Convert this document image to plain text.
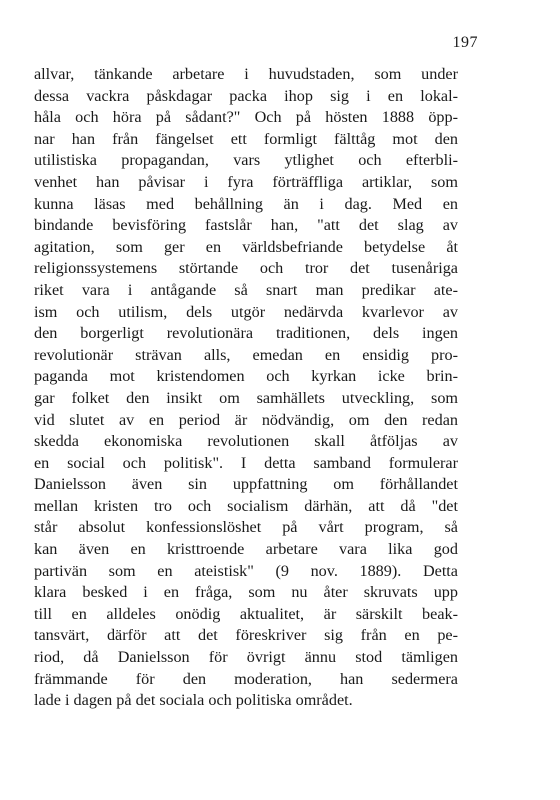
197
allvar, tänkande arbetare i huvudstaden, som under
dessa vackra påskdagar packa ihop sig i en lokal-
håla och höra på sådant?" Och på hösten 1888 öpp-
nar han från fängelset ett formligt fälttåg mot den
utilistiska propagandan, vars ytlighet och efterbli-
venhet han påvisar i fyra förträffliga artiklar, som
kunna läsas med behållning än i dag. Med en
bindande bevisföring fastslår han, "att det slag av
agitation, som ger en världsbefriande betydelse åt
religionssystemens störtande och tror det tusenåriga
riket vara i antågande så snart man predikar ate-
ism och utilism, dels utgör nedärvda kvarlevor av
den borgerligt revolutionära traditionen, dels ingen
revolutionär strävan alls, emedan en ensidig pro-
paganda mot kristendomen och kyrkan icke brin-
gar folket den insikt om samhällets utveckling, som
vid slutet av en period är nödvändig, om den redan
skedda ekonomiska revolutionen skall åtföljas av
en social och politisk". I detta samband formulerar
Danielsson även sin uppfattning om förhållandet
mellan kristen tro och socialism därhän, att då "det
står absolut konfessionslöshet på vårt program, så
kan även en kristtroende arbetare vara lika god
partivän som en ateistisk" (9 nov. 1889). Detta
klara besked i en fråga, som nu åter skruvats upp
till en alldeles onödig aktualitet, är särskilt beak-
tansvärt, därför att det föreskriver sig från en pe-
riod, då Danielsson för övrigt ännu stod tämligen
främmande för den moderation, han sedermera
lade i dagen på det sociala och politiska området.
